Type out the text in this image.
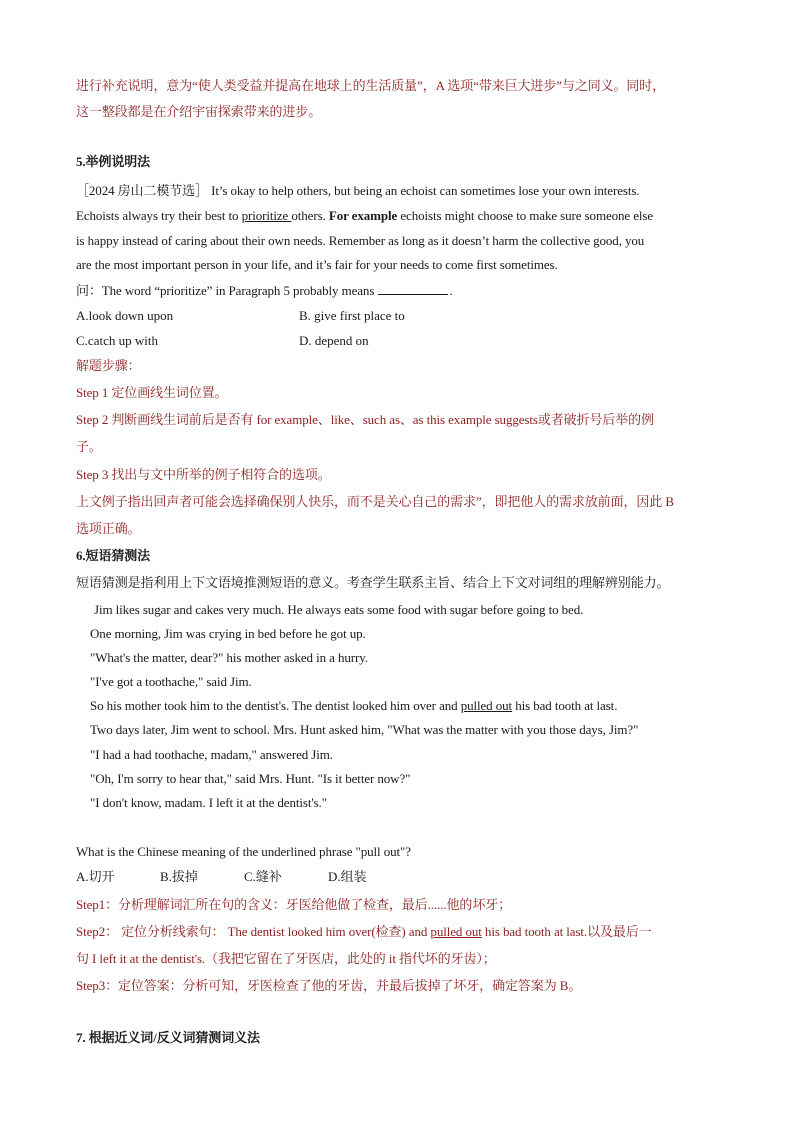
进行补充说明，意为“使人类受益并提高在地球上的生活质量”，A 选项“带来巨大进步”与之同义。同时，
这一整段都是在介绍宇宙探索带来的进步。
5.举例说明法
［2024 房山二模节选］ It’s okay to help others, but being an echoist can sometimes lose your own interests.
Echoists always try their best to prioritize others. For example echoists might choose to make sure someone else
is happy instead of caring about their own needs. Remember as long as it doesn’t harm the collective good, you
are the most important person in your life, and it’s fair for your needs to come first sometimes.
问：The word “prioritize” in Paragraph 5 probably means	.
A.look down upon	B. give first place to
C.catch up with	D. depend on
解题步骤：
Step 1 定位画线生词位置。
Step 2 判断画线生词前后是否有 for example、like、such as、as this example suggests或者破折号后举的例
子。
Step 3 找出与文中所举的例子相符合的选项。
上文例子指出回声者可能会选择确保别人快乐，而不是关心自己的需求”，即把他人的需求放前面，因此 B
选项正确。
6.短语猜测法
短语猜测是指利用上下文语境推测短语的意义。考查学生联系主旨、结合上下文对词组的理解辨别能力。
Jim likes sugar and cakes very much. He always eats some food with sugar before going to bed.
One morning, Jim was crying in bed before he got up.
"What's the matter, dear?" his mother asked in a hurry.
"I've got a toothache," said Jim.
So his mother took him to the dentist's. The dentist looked him over and pulled out his bad tooth at last.
Two days later, Jim went to school. Mrs. Hunt asked him, "What was the matter with you those days, Jim?"
"I had a had toothache, madam," answered Jim.
"Oh, I'm sorry to hear that," said Mrs. Hunt. "Is it better now?"
"I don't know, madam. I left it at the dentist's."
What is the Chinese meaning of the underlined phrase "pull out"?
A.切开	B.拔掉	C.缝补	D.组装
Step1：分析理解词汇所在句的含义：牙医给他做了检查，最后......他的坏牙；
Step2： 定位分析线索句： The dentist looked him over(检查) and pulled out his bad tooth at last.以及最后一
句 I left it at the dentist's.（我把它留在了牙医店，此处的 it 指代坏的牙齿）；
Step3：定位答案：分析可知，牙医检查了他的牙齿，并最后拔掉了坏牙，确定答案为 B。
7. 根据近义词/反义词猜测词义法
